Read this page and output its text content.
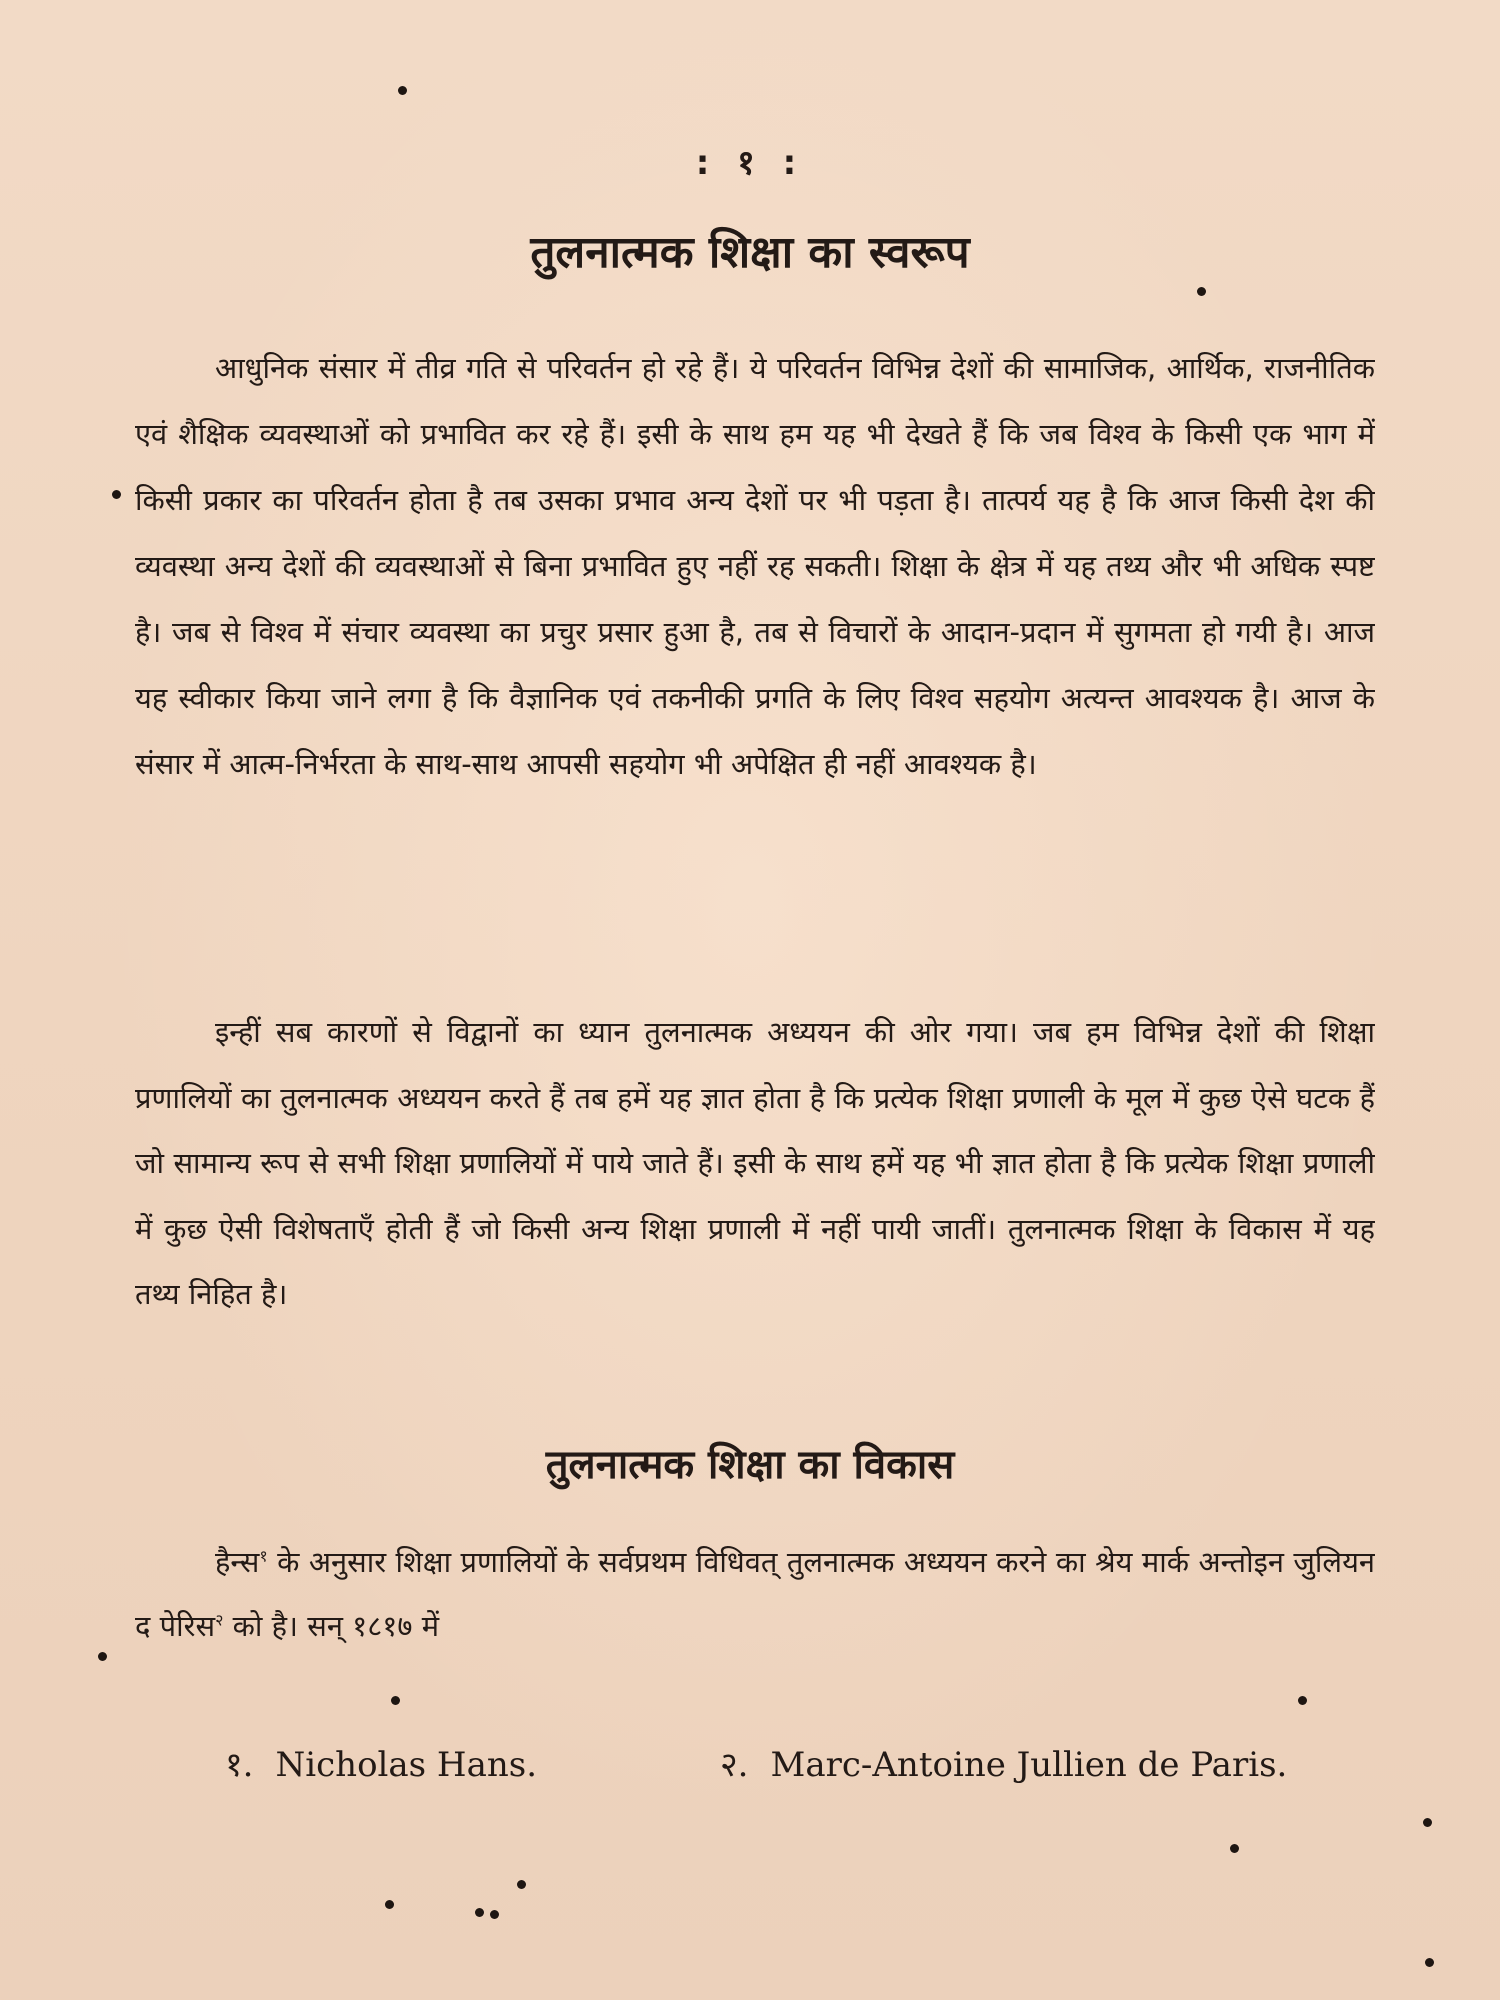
: १ :
तुलनात्मक शिक्षा का स्वरूप

आधुनिक संसार में तीव्र गति से परिवर्तन हो रहे हैं। ये परिवर्तन विभिन्न देशों की सामाजिक, आर्थिक, राजनीतिक एवं शैक्षिक व्यवस्थाओं को प्रभावित कर रहे हैं। इसी के साथ हम यह भी देखते हैं कि जब विश्व के किसी एक भाग में किसी प्रकार का परिवर्तन होता है तब उसका प्रभाव अन्य देशों पर भी पड़ता है। तात्पर्य यह है कि आज किसी देश की व्यवस्था अन्य देशों की व्यवस्थाओं से बिना प्रभावित हुए नहीं रह सकती। शिक्षा के क्षेत्र में यह तथ्य और भी अधिक स्पष्ट है। जब से विश्व में संचार व्यवस्था का प्रचुर प्रसार हुआ है, तब से विचारों के आदान-प्रदान में सुगमता हो गयी है। आज यह स्वीकार किया जाने लगा है कि वैज्ञानिक एवं तकनीकी प्रगति के लिए विश्व सहयोग अत्यन्त आवश्यक है। आज के संसार में आत्म-निर्भरता के साथ-साथ आपसी सहयोग भी अपेक्षित ही नहीं आवश्यक है।

इन्हीं सब कारणों से विद्वानों का ध्यान तुलनात्मक अध्ययन की ओर गया। जब हम विभिन्न देशों की शिक्षा प्रणालियों का तुलनात्मक अध्ययन करते हैं तब हमें यह ज्ञात होता है कि प्रत्येक शिक्षा प्रणाली के मूल में कुछ ऐसे घटक हैं जो सामान्य रूप से सभी शिक्षा प्रणालियों में पाये जाते हैं। इसी के साथ हमें यह भी ज्ञात होता है कि प्रत्येक शिक्षा प्रणाली में कुछ ऐसी विशेषताएँ होती हैं जो किसी अन्य शिक्षा प्रणाली में नहीं पायी जातीं। तुलनात्मक शिक्षा के विकास में यह तथ्य निहित है।

तुलनात्मक शिक्षा का विकास

हैन्स$^१$ के अनुसार शिक्षा प्रणालियों के सर्वप्रथम विधिवत् तुलनात्मक अध्ययन करने का श्रेय मार्क अन्तोइन जुलियन द पेरिस$^२$ को है। सन् १८१७ में

१. Nicholas Hans.	२. Marc-Antoine Jullien de Paris.
